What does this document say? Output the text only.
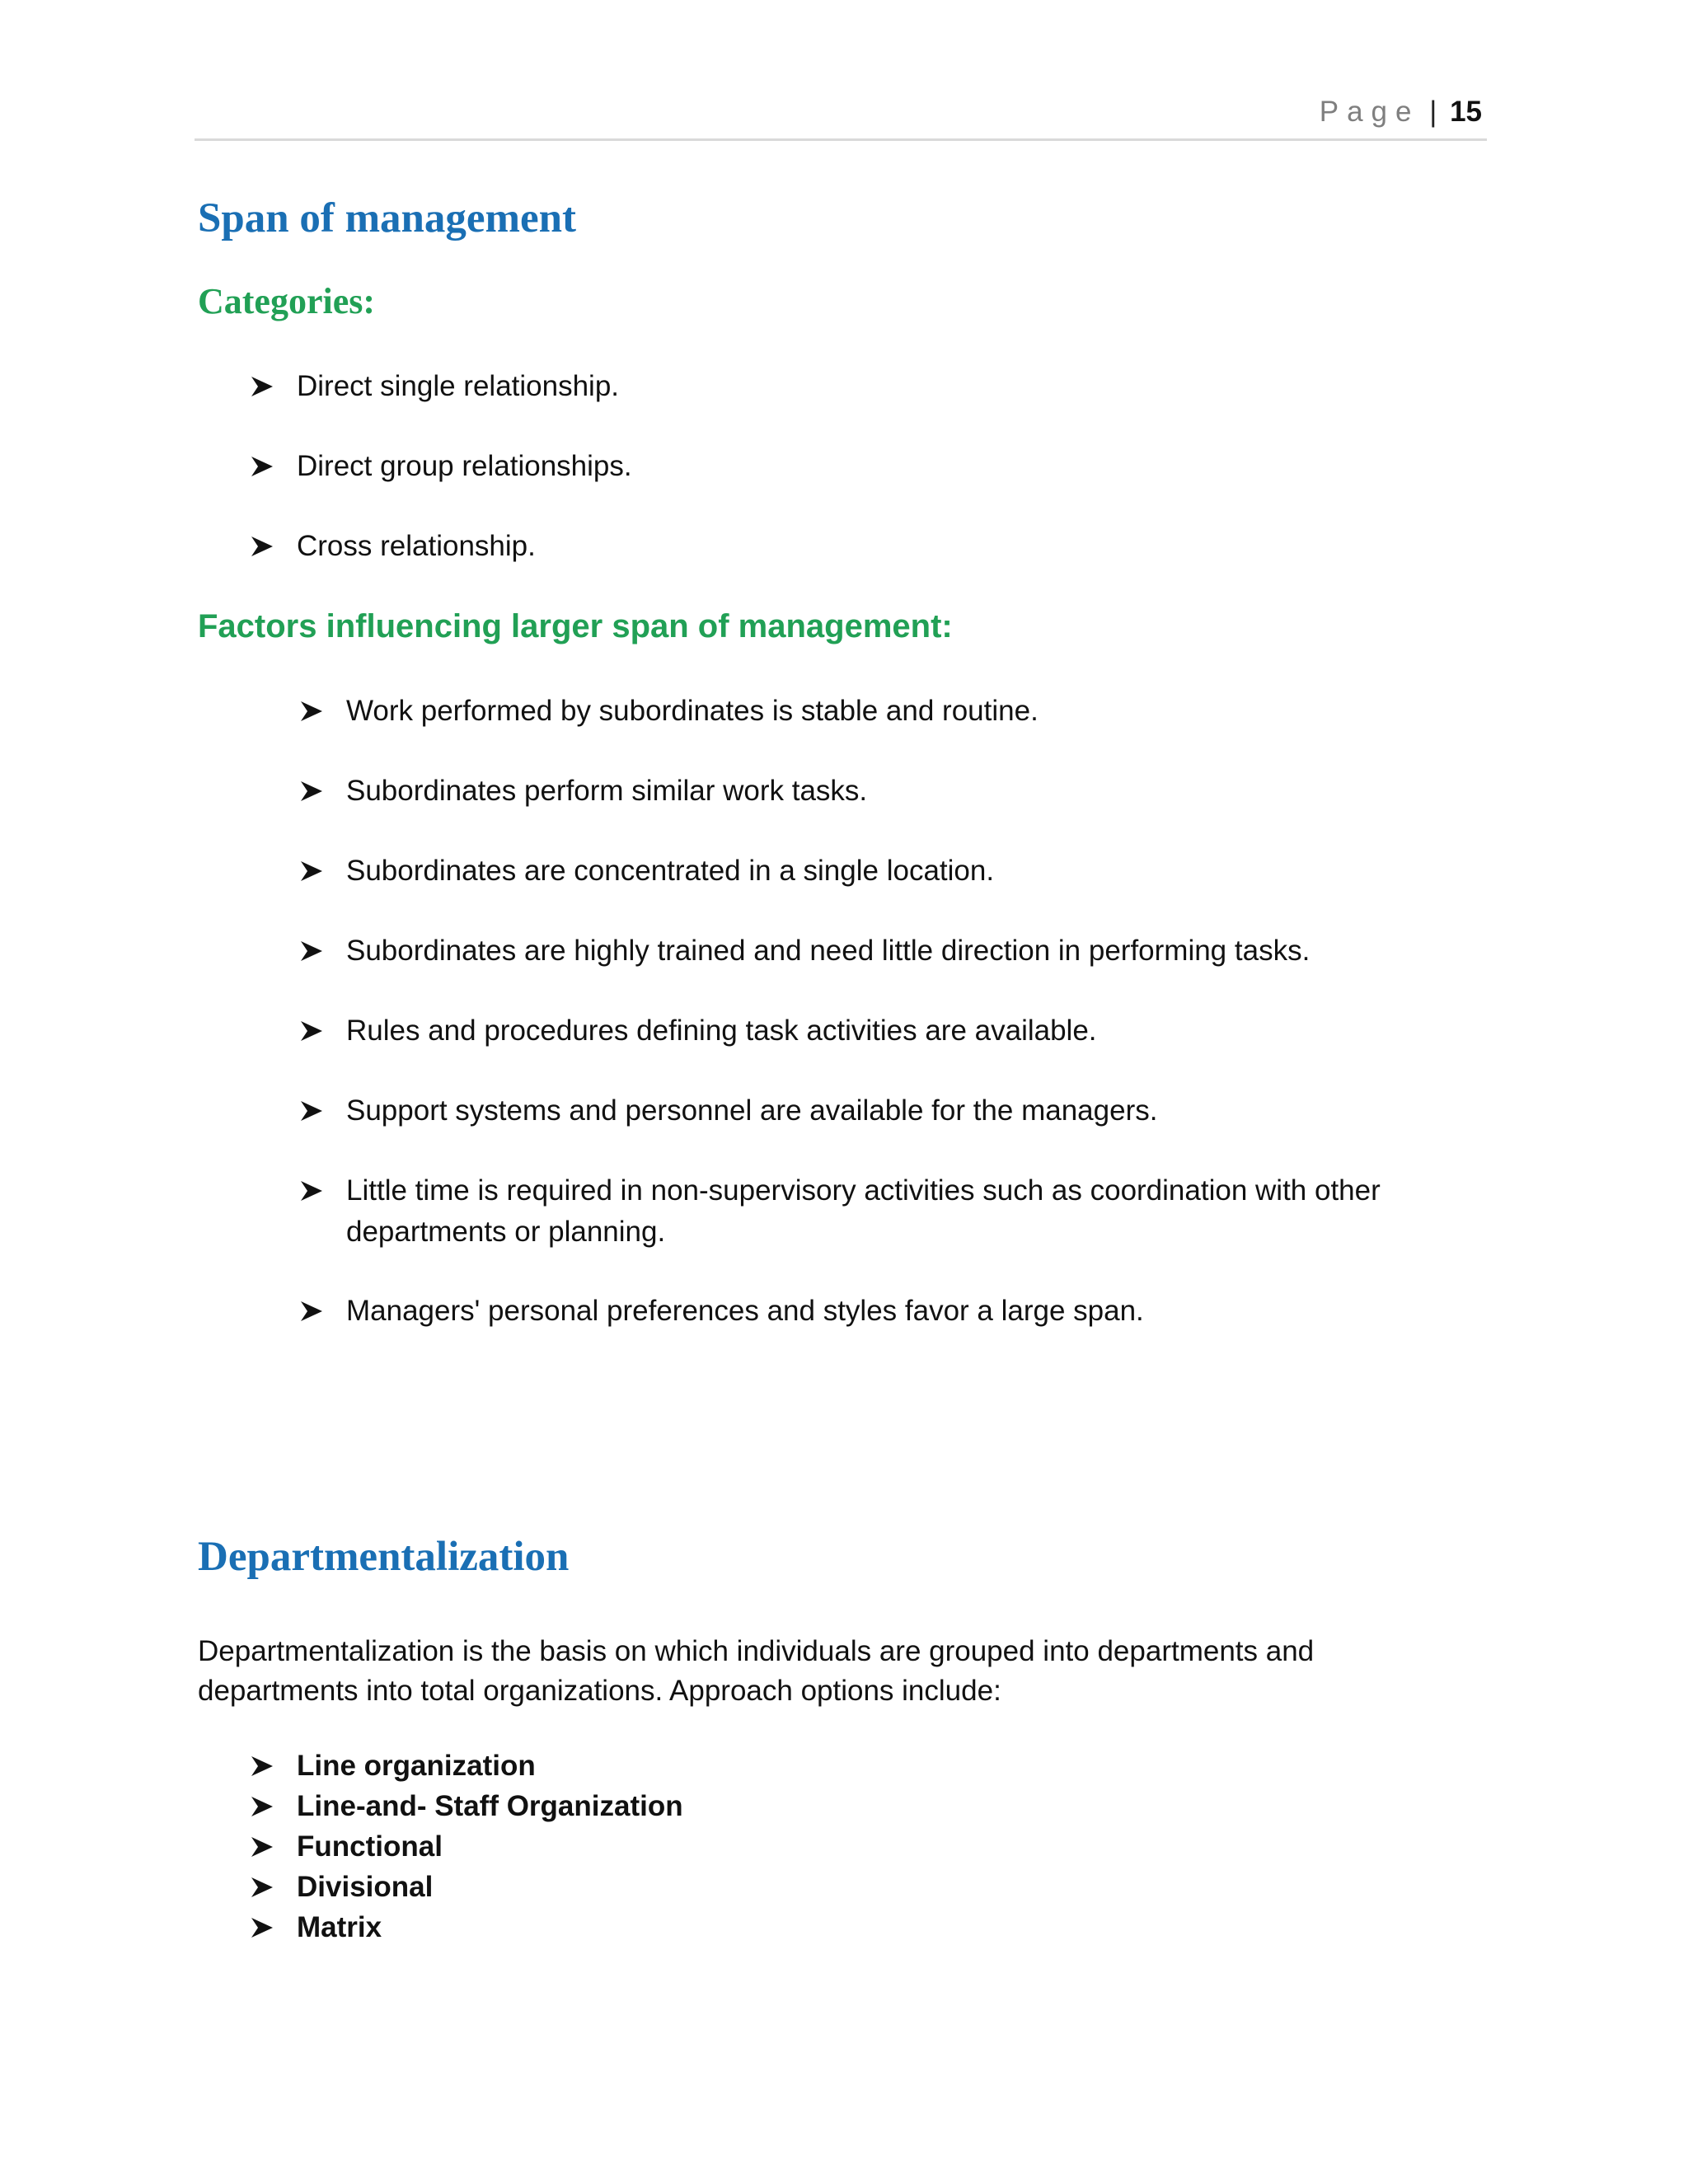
Page | 15
Span of management
Categories:
Direct single relationship.
Direct group relationships.
Cross relationship.
Factors influencing larger span of management:
Work performed by subordinates is stable and routine.
Subordinates perform similar work tasks.
Subordinates are concentrated in a single location.
Subordinates are highly trained and need little direction in performing tasks.
Rules and procedures defining task activities are available.
Support systems and personnel are available for the managers.
Little time is required in non-supervisory activities such as coordination with other departments or planning.
Managers' personal preferences and styles favor a large span.
Departmentalization

Departmentalization is the basis on which individuals are grouped into departments and departments into total organizations. Approach options include:

Line organization
Line-and- Staff Organization
Functional
Divisional
Matrix
